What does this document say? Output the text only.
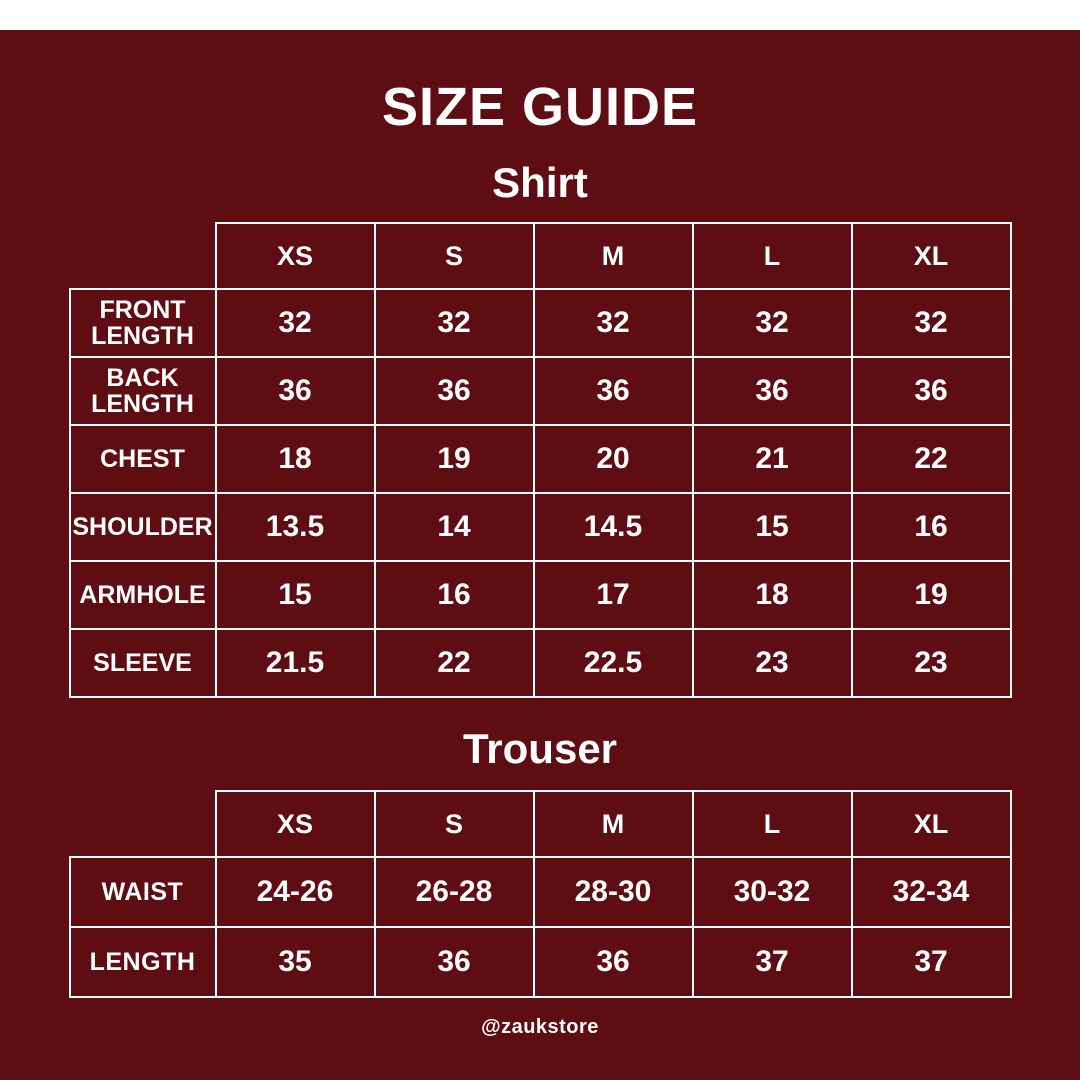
SIZE GUIDE
Shirt
	XS	S	M	L	XL
FRONT LENGTH	32	32	32	32	32
BACK LENGTH	36	36	36	36	36
CHEST	18	19	20	21	22
SHOULDER	13.5	14	14.5	15	16
ARMHOLE	15	16	17	18	19
SLEEVE	21.5	22	22.5	23	23
Trouser
	XS	S	M	L	XL
WAIST	24-26	26-28	28-30	30-32	32-34
LENGTH	35	36	36	37	37
@zaukstore
